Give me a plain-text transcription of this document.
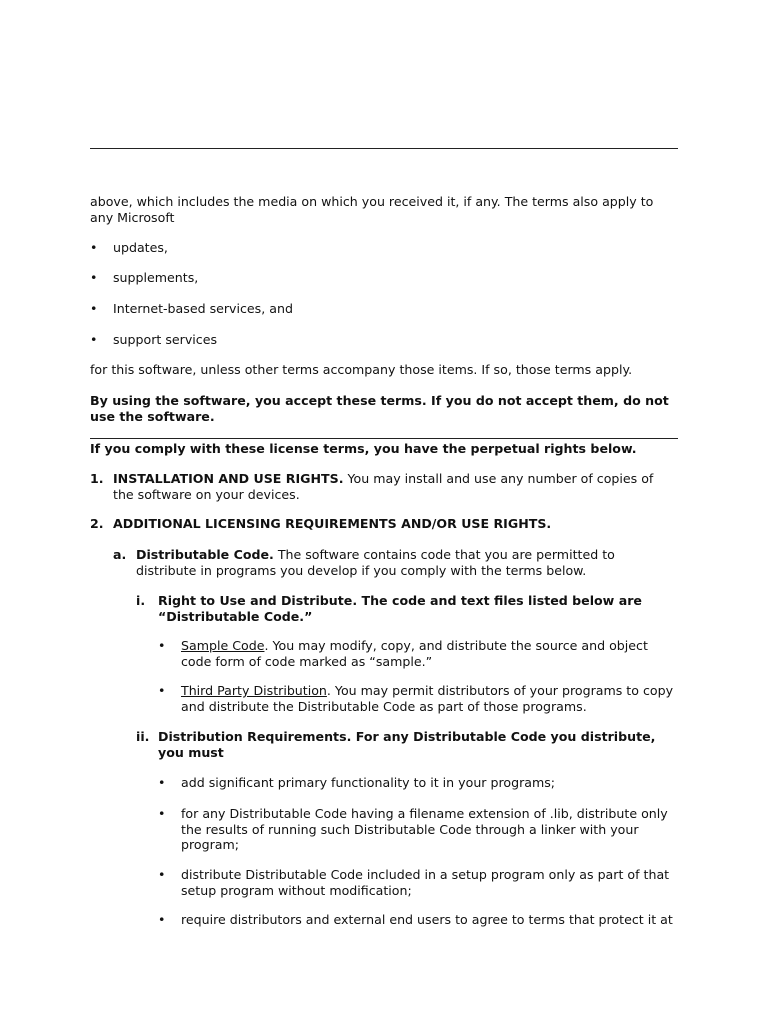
above, which includes the media on which you received it, if any. The terms also apply to any Microsoft
• updates,
• supplements,
• Internet-based services, and
• support services
for this software, unless other terms accompany those items. If so, those terms apply.
By using the software, you accept these terms. If you do not accept them, do not use the software.
If you comply with these license terms, you have the perpetual rights below.
1. INSTALLATION AND USE RIGHTS. You may install and use any number of copies of the software on your devices.
2. ADDITIONAL LICENSING REQUIREMENTS AND/OR USE RIGHTS.
a. Distributable Code. The software contains code that you are permitted to distribute in programs you develop if you comply with the terms below.
i. Right to Use and Distribute. The code and text files listed below are “Distributable Code.”
• Sample Code. You may modify, copy, and distribute the source and object code form of code marked as “sample.”
• Third Party Distribution. You may permit distributors of your programs to copy and distribute the Distributable Code as part of those programs.
ii. Distribution Requirements. For any Distributable Code you distribute, you must
• add significant primary functionality to it in your programs;
• for any Distributable Code having a filename extension of .lib, distribute only the results of running such Distributable Code through a linker with your program;
• distribute Distributable Code included in a setup program only as part of that setup program without modification;
• require distributors and external end users to agree to terms that protect it at
